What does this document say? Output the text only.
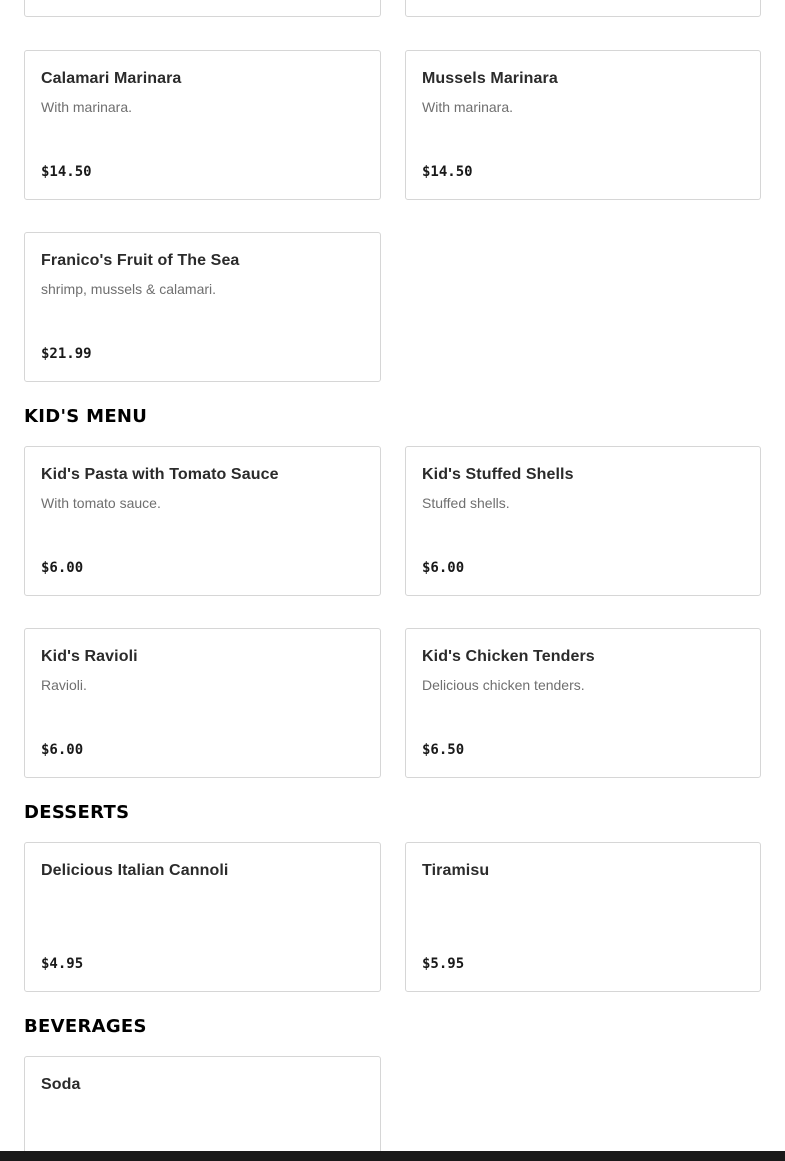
Calamari Marinara
With marinara.
$14.50
Mussels Marinara
With marinara.
$14.50
Franico's Fruit of The Sea
shrimp, mussels & calamari.
$21.99
KID'S MENU
Kid's Pasta with Tomato Sauce
With tomato sauce.
$6.00
Kid's Stuffed Shells
Stuffed shells.
$6.00
Kid's Ravioli
Ravioli.
$6.00
Kid's Chicken Tenders
Delicious chicken tenders.
$6.50
DESSERTS
Delicious Italian Cannoli
$4.95
Tiramisu
$5.95
BEVERAGES
Soda
